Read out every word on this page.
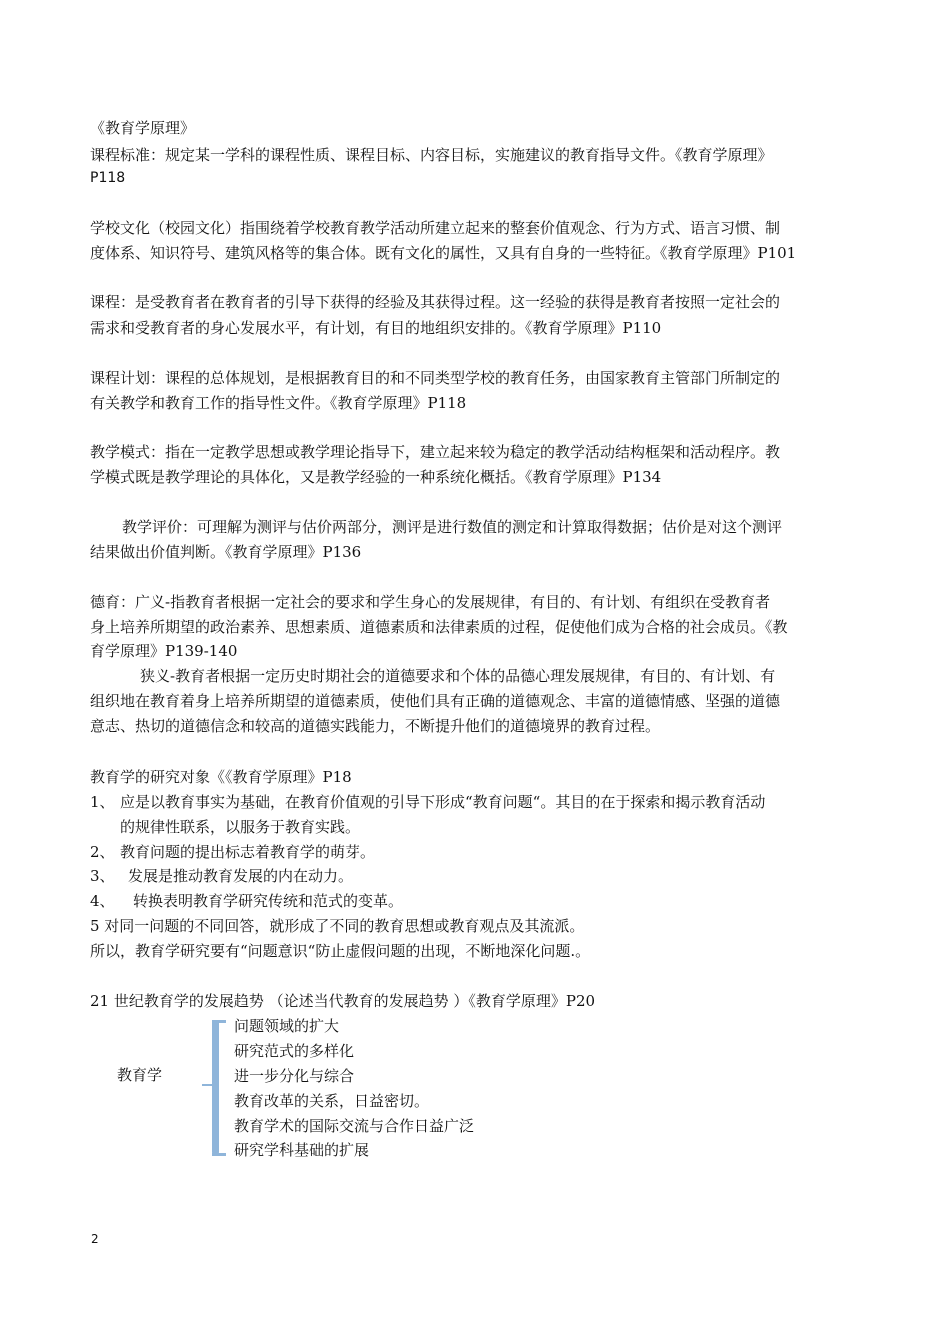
《教育学原理》
课程标准：规定某一学科的课程性质、课程目标、内容目标，实施建议的教育指导文件。《教育学原理》
P118
学校文化（校园文化）指围绕着学校教育教学活动所建立起来的整套价值观念、行为方式、语言习惯、制
度体系、知识符号、建筑风格等的集合体。既有文化的属性，又具有自身的一些特征。《教育学原理》P101
课程：是受教育者在教育者的引导下获得的经验及其获得过程。这一经验的获得是教育者按照一定社会的
需求和受教育者的身心发展水平，有计划，有目的地组织安排的。《教育学原理》P110
课程计划：课程的总体规划，是根据教育目的和不同类型学校的教育任务，由国家教育主管部门所制定的
有关教学和教育工作的指导性文件。《教育学原理》P118
教学模式：指在一定教学思想或教学理论指导下，建立起来较为稳定的教学活动结构框架和活动程序。教
学模式既是教学理论的具体化，又是教学经验的一种系统化概括。《教育学原理》P134
教学评价：可理解为测评与估价两部分，测评是进行数值的测定和计算取得数据；估价是对这个测评
结果做出价值判断。《教育学原理》P136
德育：广义-指教育者根据一定社会的要求和学生身心的发展规律，有目的、有计划、有组织在受教育者
身上培养所期望的政治素养、思想素质、道德素质和法律素质的过程，促使他们成为合格的社会成员。《教
育学原理》P139-140
狭义-教育者根据一定历史时期社会的道德要求和个体的品德心理发展规律，有目的、有计划、有
组织地在教育着身上培养所期望的道德素质，使他们具有正确的道德观念、丰富的道德情感、坚强的道德
意志、热切的道德信念和较高的道德实践能力，不断提升他们的道德境界的教育过程。
教育学的研究对象《《教育学原理》P18
1、 应是以教育事实为基础，在教育价值观的引导下形成“教育问题“。其目的在于探索和揭示教育活动
的规律性联系，以服务于教育实践。
2、 教育问题的提出标志着教育学的萌芽。
3、 发展是推动教育发展的内在动力。
4、 转换表明教育学研究传统和范式的变革。
5 对同一问题的不同回答，就形成了不同的教育思想或教育观点及其流派。
所以，教育学研究要有“问题意识“防止虚假问题的出现，不断地深化问题.。
21 世纪教育学的发展趋势 （论述当代教育的发展趋势 ）《教育学原理》P20
教育学
问题领域的扩大
研究范式的多样化
进一步分化与综合
教育改革的关系，日益密切。
教育学术的国际交流与合作日益广泛
研究学科基础的扩展
2
